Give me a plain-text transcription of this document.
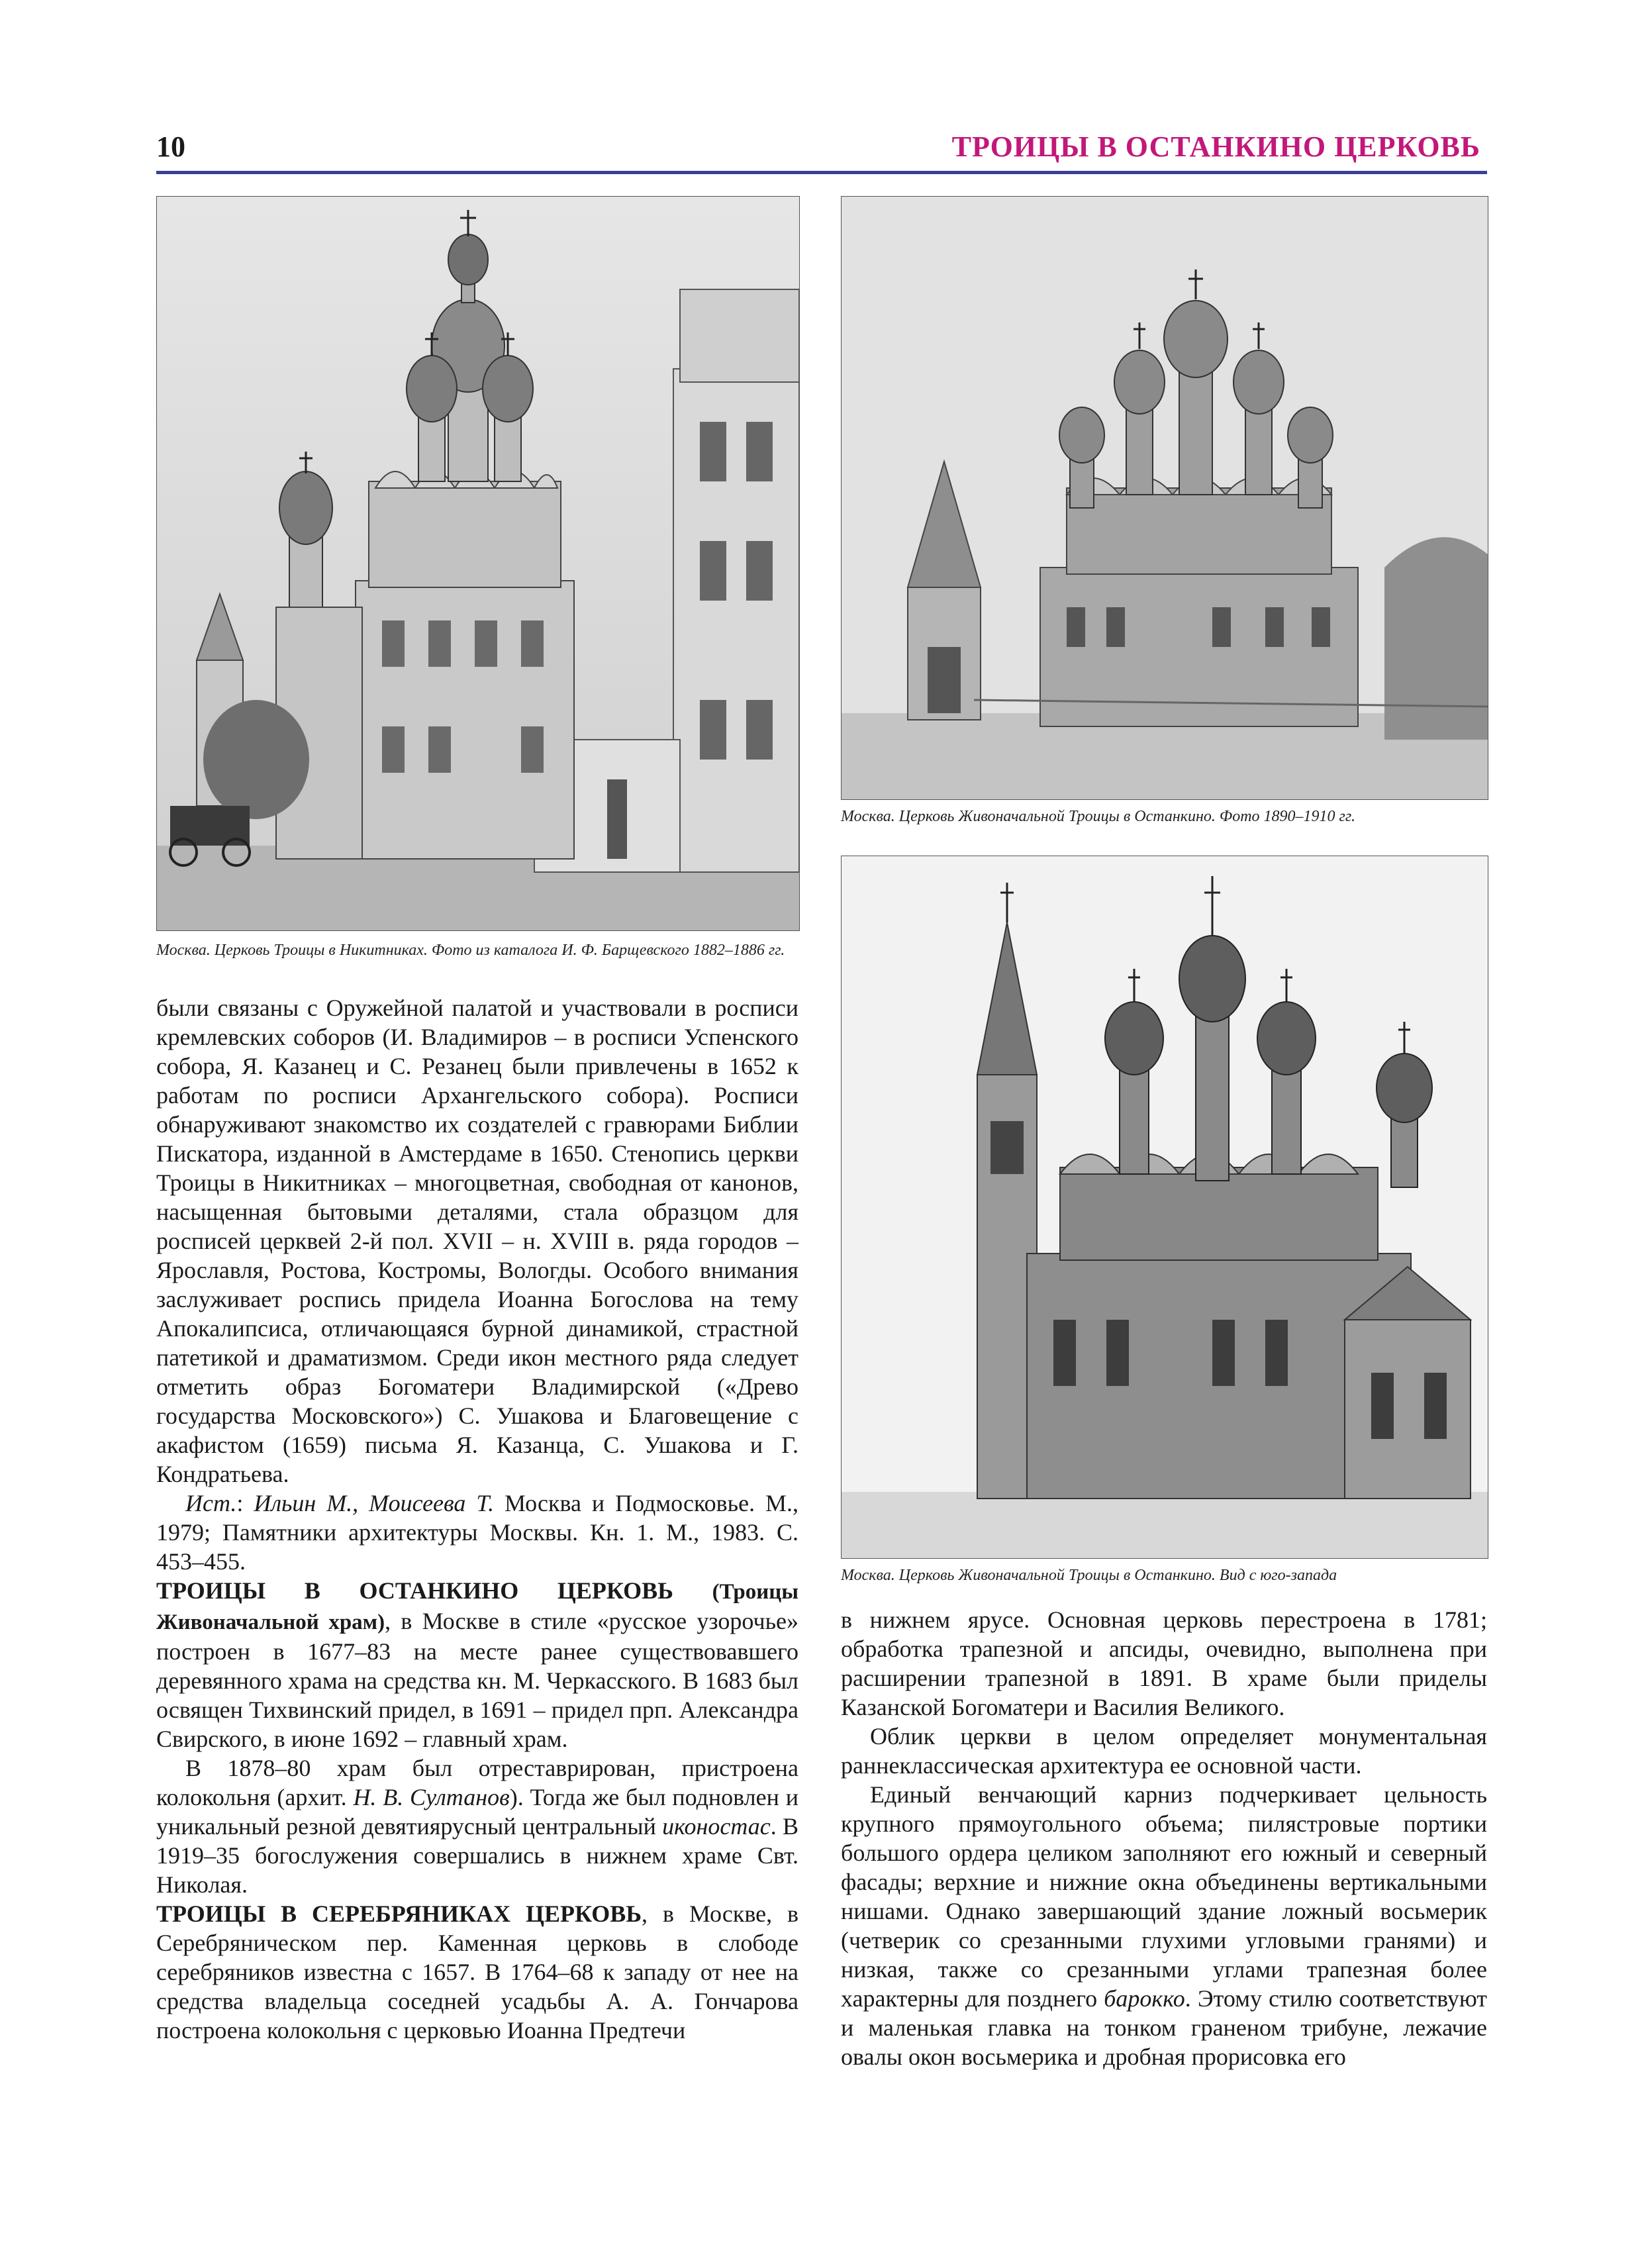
10	ТРОИЦЫ В ОСТАНКИНО ЦЕРКОВЬ
Москва. Церковь Троицы в Никитниках. Фото из каталога И. Ф. Барщевского 1882–1886 гг.
Москва. Церковь Живоначальной Троицы в Останкино. Фото 1890–1910 гг.
Москва. Церковь Живоначальной Троицы в Останкино. Вид с юго-запада

были связаны с Оружейной палатой и участвовали в росписи кремлевских соборов (И. Владимиров – в росписи Успенского собора, Я. Казанец и С. Резанец были привлечены в 1652 к работам по росписи Архангельского собора). Росписи обнаруживают знакомство их создателей с гравюрами Библии Пискатора, изданной в Амстердаме в 1650. Стенопись церкви Троицы в Никитниках – многоцветная, свободная от канонов, насыщенная бытовыми деталями, стала образцом для росписей церквей 2-й пол. XVII – н. XVIII в. ряда городов – Ярославля, Ростова, Костромы, Вологды. Особого внимания заслуживает роспись придела Иоанна Богослова на тему Апокалипсиса, отличающаяся бурной динамикой, страстной патетикой и драматизмом. Среди икон местного ряда следует отметить образ Богоматери Владимирской («Древо государства Московского») С. Ушакова и Благовещение с акафистом (1659) письма Я. Казанца, С. Ушакова и Г. Кондратьева.

Ист.: Ильин М., Моисеева Т. Москва и Подмосковье. М., 1979; Памятники архитектуры Москвы. Кн. 1. М., 1983. С. 453–455.

ТРОИЦЫ В ОСТАНКИНО ЦЕРКОВЬ (Троицы Живоначальной храм), в Москве в стиле «русское узорочье» построен в 1677–83 на месте ранее существовавшего деревянного храма на средства кн. М. Черкасского. В 1683 был освящен Тихвинский придел, в 1691 – придел прп. Александра Свирского, в июне 1692 – главный храм.

В 1878–80 храм был отреставрирован, пристроена колокольня (архит. Н. В. Султанов). Тогда же был подновлен и уникальный резной девятиярусный центральный иконостас. В 1919–35 богослужения совершались в нижнем храме Свт. Николая.

ТРОИЦЫ В СЕРЕБРЯНИКАХ ЦЕРКОВЬ, в Москве, в Серебряническом пер. Каменная церковь в слободе серебряников известна с 1657. В 1764–68 к западу от нее на средства владельца соседней усадьбы А. А. Гончарова построена колокольня с церковью Иоанна Предтечи

в нижнем ярусе. Основная церковь перестроена в 1781; обработка трапезной и апсиды, очевидно, выполнена при расширении трапезной в 1891. В храме были приделы Казанской Богоматери и Василия Великого.

Облик церкви в целом определяет монументальная раннеклассическая архитектура ее основной части.

Единый венчающий карниз подчеркивает цельность крупного прямоугольного объема; пилястровые портики большого ордера целиком заполняют его южный и северный фасады; верхние и нижние окна объединены вертикальными нишами. Однако завершающий здание ложный восьмерик (четверик со срезанными глухими угловыми гранями) и низкая, также со срезанными углами трапезная более характерны для позднего барокко. Этому стилю соответствуют и маленькая главка на тонком граненом трибуне, лежачие овалы окон восьмерика и дробная прорисовка его
